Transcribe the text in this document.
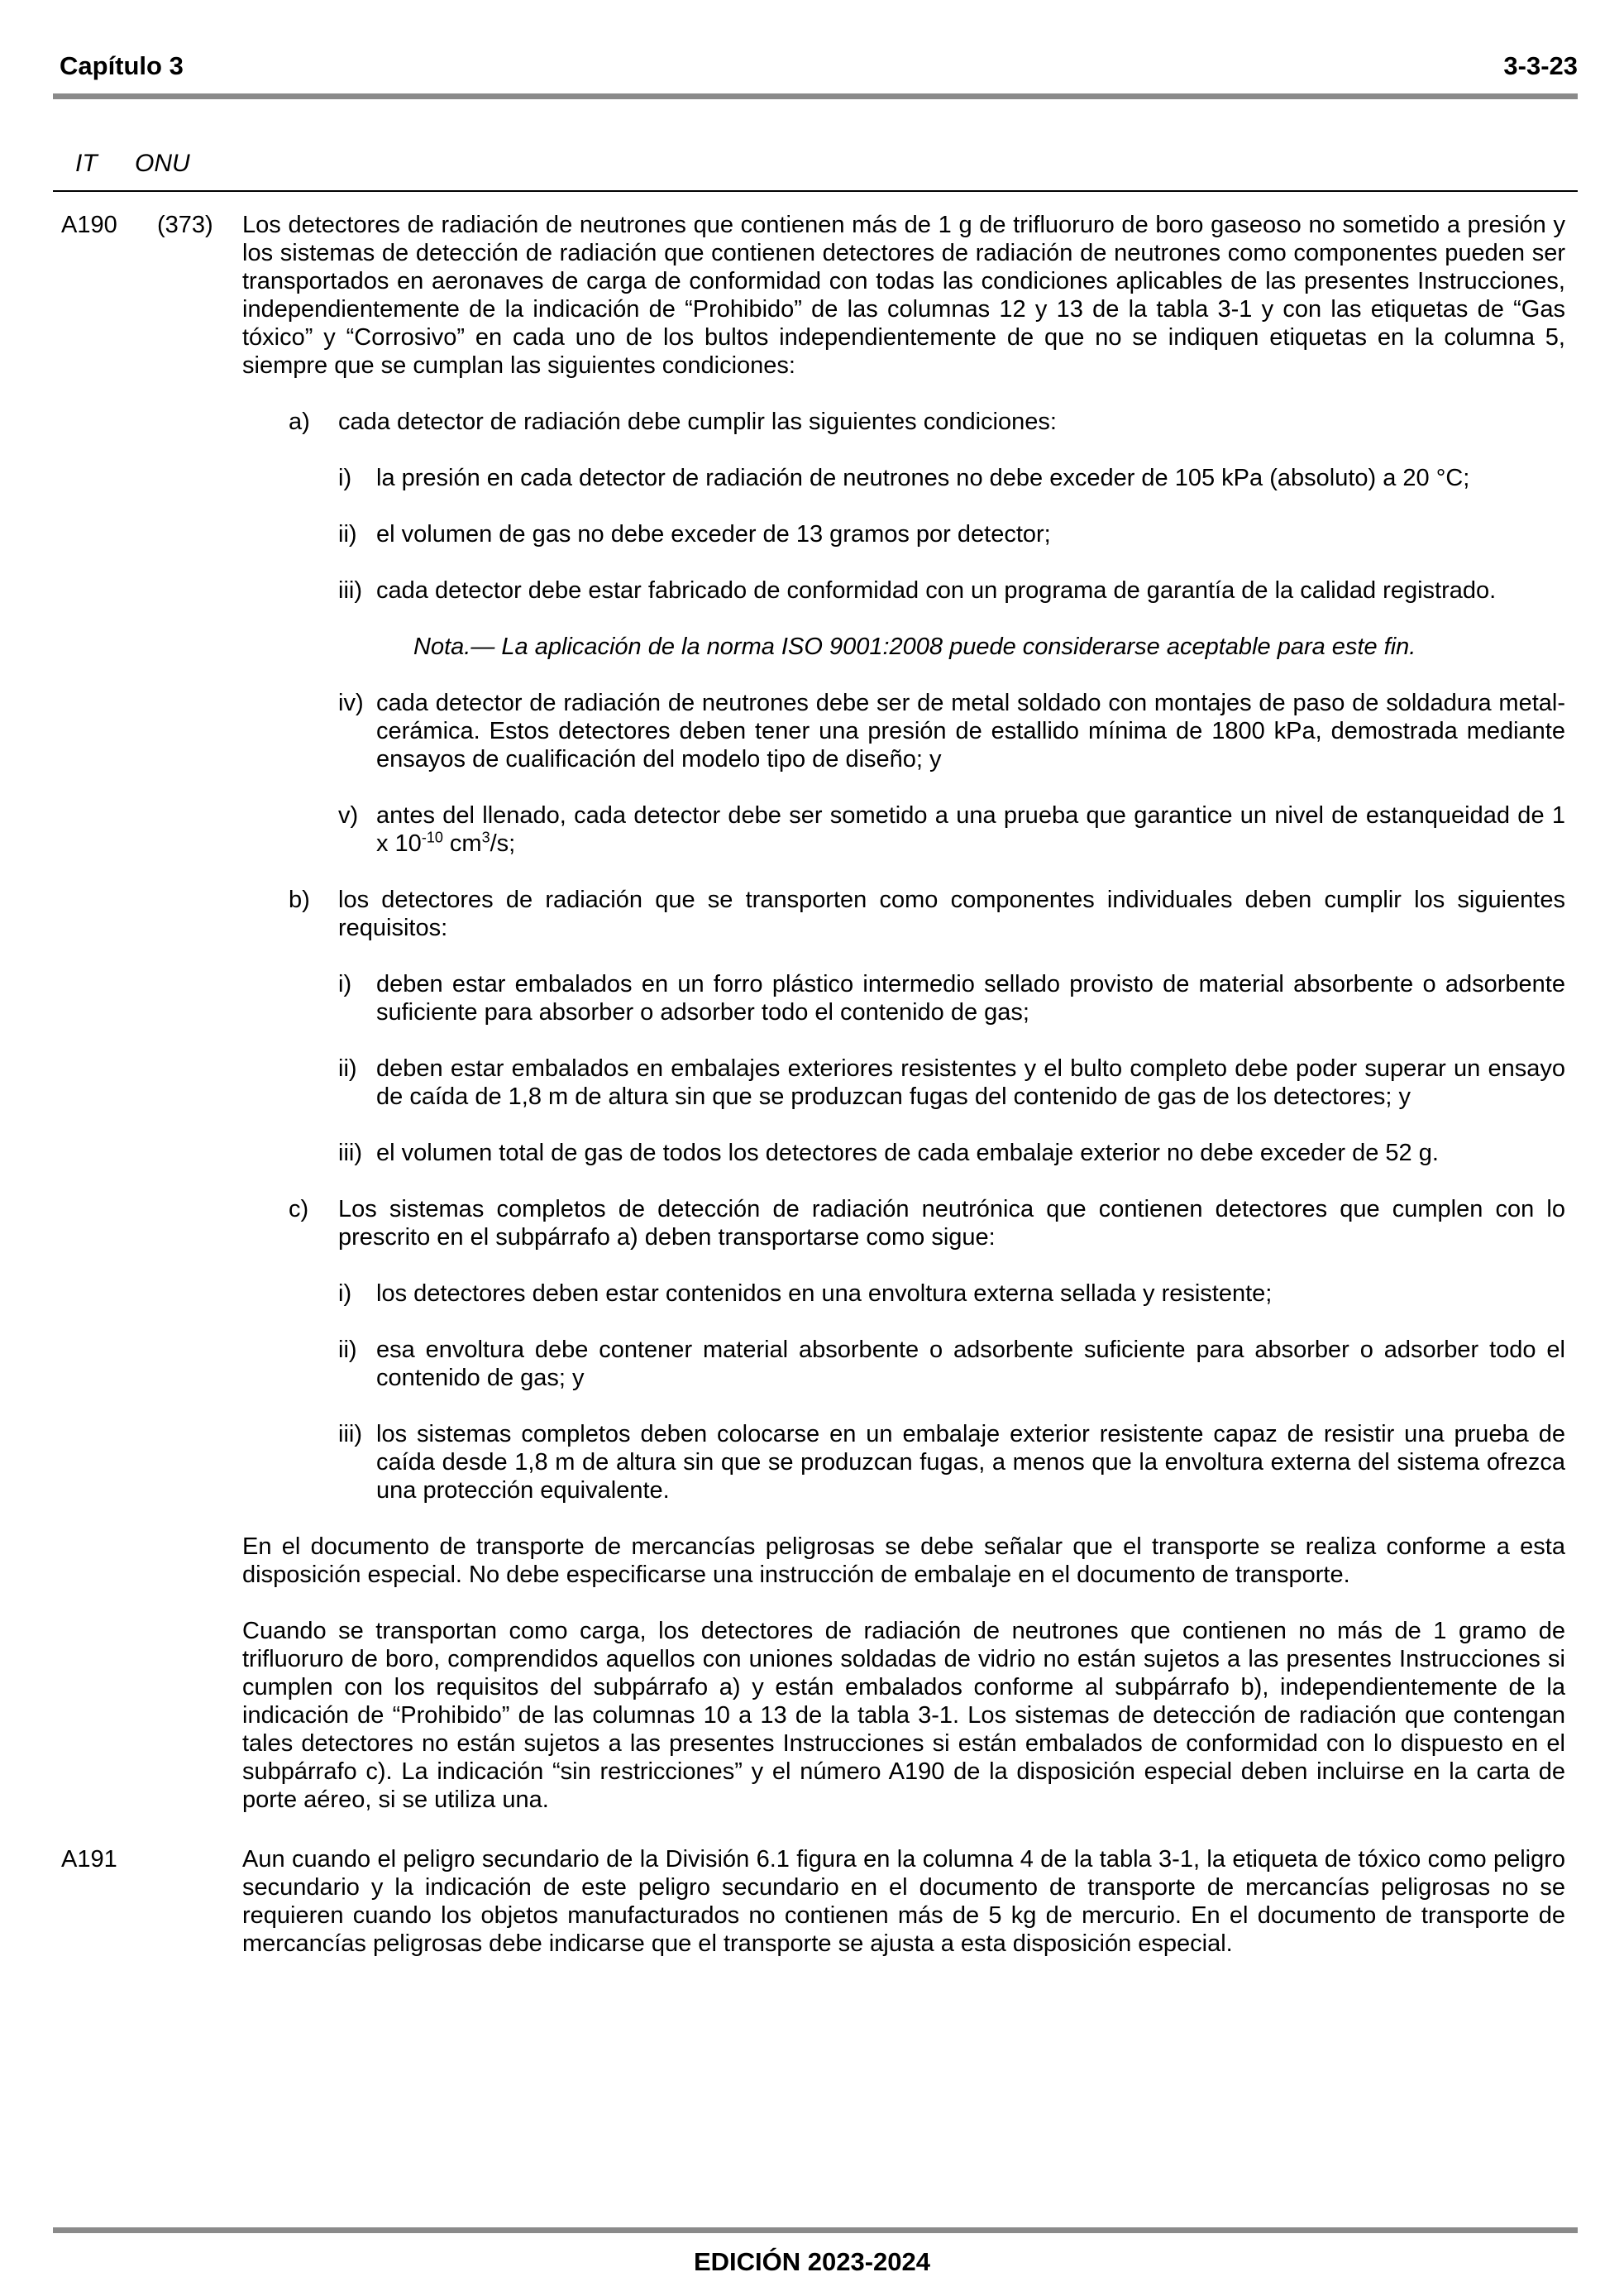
Capítulo 3	3-3-23
IT ONU
A190 (373) Los detectores de radiación de neutrones que contienen más de 1 g de trifluoruro de boro gaseoso no sometido a presión y los sistemas de detección de radiación que contienen detectores de radiación de neutrones como componentes pueden ser transportados en aeronaves de carga de conformidad con todas las condiciones aplicables de las presentes Instrucciones, independientemente de la indicación de “Prohibido” de las columnas 12 y 13 de la tabla 3-1 y con las etiquetas de “Gas tóxico” y “Corrosivo” en cada uno de los bultos independientemente de que no se indiquen etiquetas en la columna 5, siempre que se cumplan las siguientes condiciones:
a) cada detector de radiación debe cumplir las siguientes condiciones:
i) la presión en cada detector de radiación de neutrones no debe exceder de 105 kPa (absoluto) a 20 °C;
ii) el volumen de gas no debe exceder de 13 gramos por detector;
iii) cada detector debe estar fabricado de conformidad con un programa de garantía de la calidad registrado.
Nota.— La aplicación de la norma ISO 9001:2008 puede considerarse aceptable para este fin.
iv) cada detector de radiación de neutrones debe ser de metal soldado con montajes de paso de soldadura metal-cerámica. Estos detectores deben tener una presión de estallido mínima de 1800 kPa, demostrada mediante ensayos de cualificación del modelo tipo de diseño; y
v) antes del llenado, cada detector debe ser sometido a una prueba que garantice un nivel de estanqueidad de 1 x $10^{-10}$ $cm^3/s$;
b) los detectores de radiación que se transporten como componentes individuales deben cumplir los siguientes requisitos:
i) deben estar embalados en un forro plástico intermedio sellado provisto de material absorbente o adsorbente suficiente para absorber o adsorber todo el contenido de gas;
ii) deben estar embalados en embalajes exteriores resistentes y el bulto completo debe poder superar un ensayo de caída de 1,8 m de altura sin que se produzcan fugas del contenido de gas de los detectores; y
iii) el volumen total de gas de todos los detectores de cada embalaje exterior no debe exceder de 52 g.
c) Los sistemas completos de detección de radiación neutrónica que contienen detectores que cumplen con lo prescrito en el subpárrafo a) deben transportarse como sigue:
i) los detectores deben estar contenidos en una envoltura externa sellada y resistente;
ii) esa envoltura debe contener material absorbente o adsorbente suficiente para absorber o adsorber todo el contenido de gas; y
iii) los sistemas completos deben colocarse en un embalaje exterior resistente capaz de resistir una prueba de caída desde 1,8 m de altura sin que se produzcan fugas, a menos que la envoltura externa del sistema ofrezca una protección equivalente.
En el documento de transporte de mercancías peligrosas se debe señalar que el transporte se realiza conforme a esta disposición especial. No debe especificarse una instrucción de embalaje en el documento de transporte.
Cuando se transportan como carga, los detectores de radiación de neutrones que contienen no más de 1 gramo de trifluoruro de boro, comprendidos aquellos con uniones soldadas de vidrio no están sujetos a las presentes Instrucciones si cumplen con los requisitos del subpárrafo a) y están embalados conforme al subpárrafo b), independientemente de la indicación de “Prohibido” de las columnas 10 a 13 de la tabla 3-1. Los sistemas de detección de radiación que contengan tales detectores no están sujetos a las presentes Instrucciones si están embalados de conformidad con lo dispuesto en el subpárrafo c). La indicación “sin restricciones” y el número A190 de la disposición especial deben incluirse en la carta de porte aéreo, si se utiliza una.
A191	Aun cuando el peligro secundario de la División 6.1 figura en la columna 4 de la tabla 3-1, la etiqueta de tóxico como peligro secundario y la indicación de este peligro secundario en el documento de transporte de mercancías peligrosas no se requieren cuando los objetos manufacturados no contienen más de 5 kg de mercurio. En el documento de transporte de mercancías peligrosas debe indicarse que el transporte se ajusta a esta disposición especial.
EDICIÓN 2023-2024
